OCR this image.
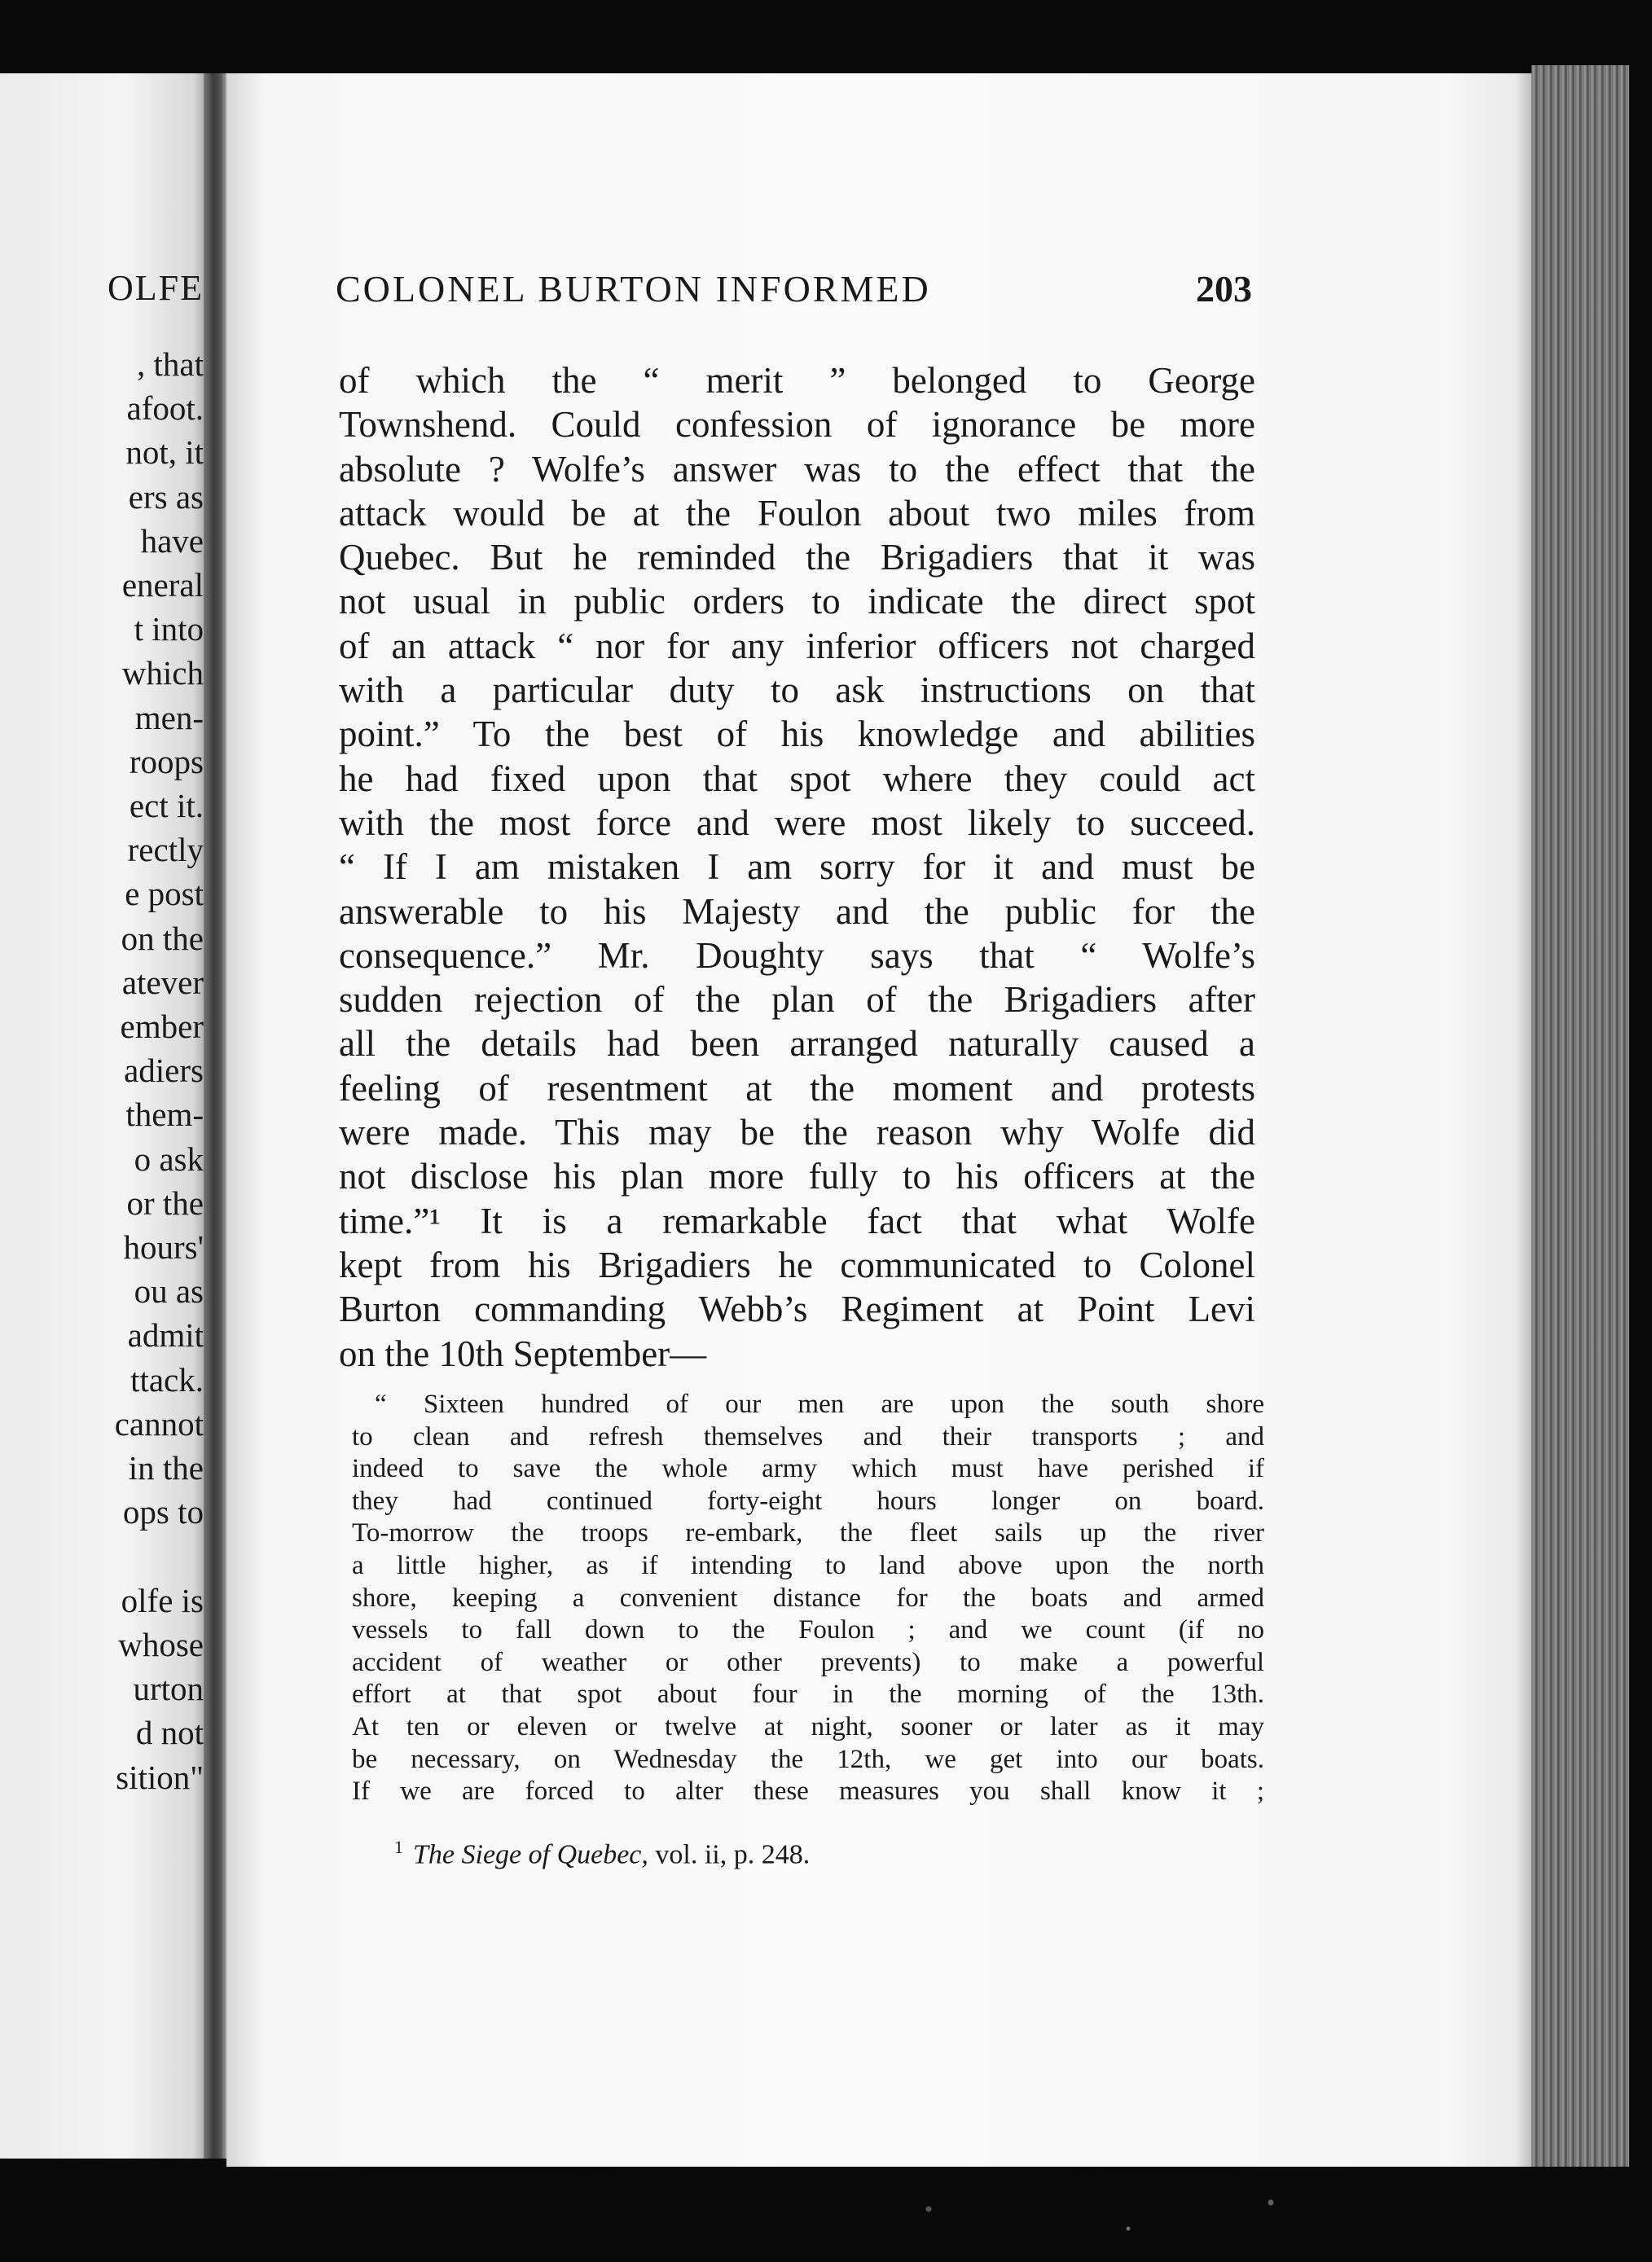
OLFE
, that
afoot.
not, it
ers as
have
eneral
t into
which
men-
roops
ect it.
rectly
e post
on the
atever
ember
adiers
them-
o ask
or the
hours'
ou as
admit
ttack.
cannot
in the
ops to

olfe is
whose
urton
d not
sition"
COLONEL BURTON INFORMED	203
of which the “ merit ” belonged to George
Townshend. Could confession of ignorance be more
absolute ? Wolfe’s answer was to the effect that the
attack would be at the Foulon about two miles from
Quebec. But he reminded the Brigadiers that it was
not usual in public orders to indicate the direct spot
of an attack “ nor for any inferior officers not charged
with a particular duty to ask instructions on that
point.” To the best of his knowledge and abilities
he had fixed upon that spot where they could act
with the most force and were most likely to succeed.
“ If I am mistaken I am sorry for it and must be
answerable to his Majesty and the public for the
consequence.” Mr. Doughty says that “ Wolfe’s
sudden rejection of the plan of the Brigadiers after
all the details had been arranged naturally caused a
feeling of resentment at the moment and protests
were made. This may be the reason why Wolfe did
not disclose his plan more fully to his officers at the
time.”¹ It is a remarkable fact that what Wolfe
kept from his Brigadiers he communicated to Colonel
Burton commanding Webb’s Regiment at Point Levi
on the 10th September—
“ Sixteen hundred of our men are upon the south shore
to clean and refresh themselves and their transports ; and
indeed to save the whole army which must have perished if
they had continued forty-eight hours longer on board.
To-morrow the troops re-embark, the fleet sails up the river
a little higher, as if intending to land above upon the north
shore, keeping a convenient distance for the boats and armed
vessels to fall down to the Foulon ; and we count (if no
accident of weather or other prevents) to make a powerful
effort at that spot about four in the morning of the 13th.
At ten or eleven or twelve at night, sooner or later as it may
be necessary, on Wednesday the 12th, we get into our boats.
If we are forced to alter these measures you shall know it ;
$^1$ The Siege of Quebec, vol. ii, p. 248.
